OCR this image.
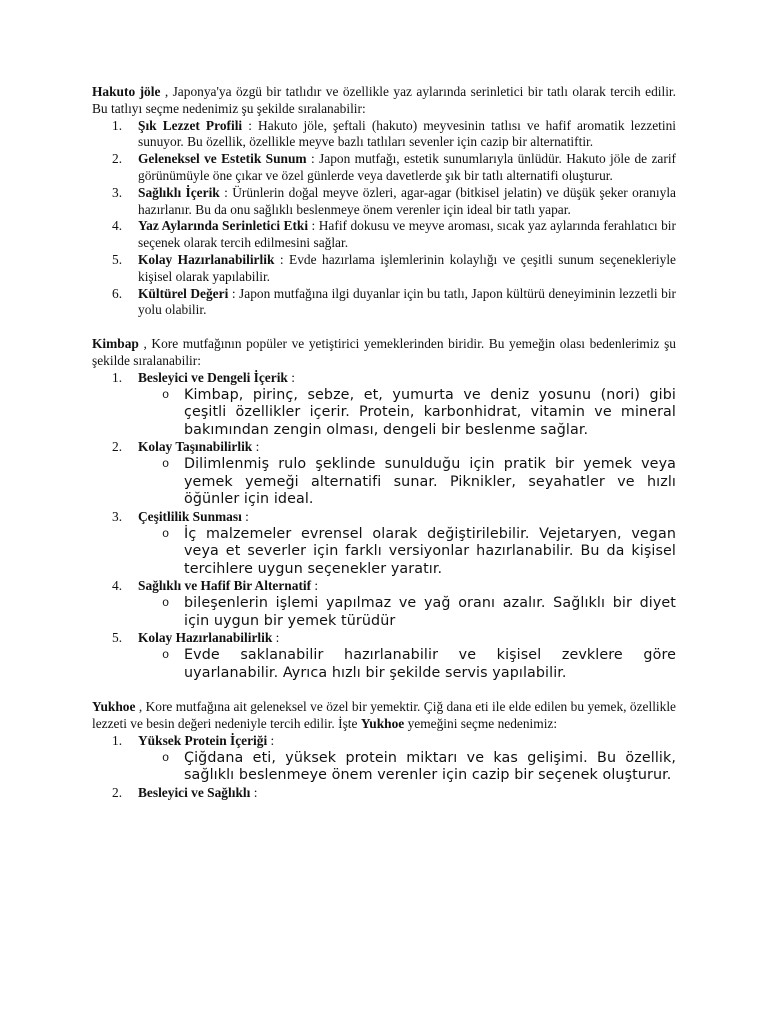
Hakuto jöle , Japonya'ya özgü bir tatlıdır ve özellikle yaz aylarında serinletici bir tatlı olarak tercih edilir. Bu tatlıyı seçme nedenimiz şu şekilde sıralanabilir:

1. Şık Lezzet Profili : Hakuto jöle, şeftali (hakuto) meyvesinin tatlısı ve hafif aromatik lezzetini sunuyor. Bu özellik, özellikle meyve bazlı tatlıları sevenler için cazip bir alternatiftir.
2. Geleneksel ve Estetik Sunum : Japon mutfağı, estetik sunumlarıyla ünlüdür. Hakuto jöle de zarif görünümüyle öne çıkar ve özel günlerde veya davetlerde şık bir tatlı alternatifi oluşturur.
3. Sağlıklı İçerik : Ürünlerin doğal meyve özleri, agar-agar (bitkisel jelatin) ve düşük şeker oranıyla hazırlanır. Bu da onu sağlıklı beslenmeye önem verenler için ideal bir tatlı yapar.
4. Yaz Aylarında Serinletici Etki : Hafif dokusu ve meyve aroması, sıcak yaz aylarında ferahlatıcı bir seçenek olarak tercih edilmesini sağlar.
5. Kolay Hazırlanabilirlik : Evde hazırlama işlemlerinin kolaylığı ve çeşitli sunum seçenekleriyle kişisel olarak yapılabilir.
6. Kültürel Değeri : Japon mutfağına ilgi duyanlar için bu tatlı, Japon kültürü deneyiminin lezzetli bir yolu olabilir.

Kimbap , Kore mutfağının popüler ve yetiştirici yemeklerinden biridir. Bu yemeğin olası bedenlerimiz şu şekilde sıralanabilir:

1. Besleyici ve Dengeli İçerik :
o Kimbap, pirinç, sebze, et, yumurta ve deniz yosunu (nori) gibi çeşitli özellikler içerir. Protein, karbonhidrat, vitamin ve mineral bakımından zengin olması, dengeli bir beslenme sağlar.
2. Kolay Taşınabilirlik :
o Dilimlenmiş rulo şeklinde sunulduğu için pratik bir yemek veya yemek yemeği alternatifi sunar. Piknikler, seyahatler ve hızlı öğünler için ideal.
3. Çeşitlilik Sunması :
o İç malzemeler evrensel olarak değiştirilebilir. Vejetaryen, vegan veya et severler için farklı versiyonlar hazırlanabilir. Bu da kişisel tercihlere uygun seçenekler yaratır.
4. Sağlıklı ve Hafif Bir Alternatif :
o bileşenlerin işlemi yapılmaz ve yağ oranı azalır. Sağlıklı bir diyet için uygun bir yemek türüdür
5. Kolay Hazırlanabilirlik :
o Evde saklanabilir hazırlanabilir ve kişisel zevklere göre uyarlanabilir. Ayrıca hızlı bir şekilde servis yapılabilir.

Yukhoe , Kore mutfağına ait geleneksel ve özel bir yemektir. Çiğ dana eti ile elde edilen bu yemek, özellikle lezzeti ve besin değeri nedeniyle tercih edilir. İşte Yukhoe yemeğini seçme nedenimiz:

1. Yüksek Protein İçeriği :
o Çiğdana eti, yüksek protein miktarı ve kas gelişimi. Bu özellik, sağlıklı beslenmeye önem verenler için cazip bir seçenek oluşturur.
2. Besleyici ve Sağlıklı :
